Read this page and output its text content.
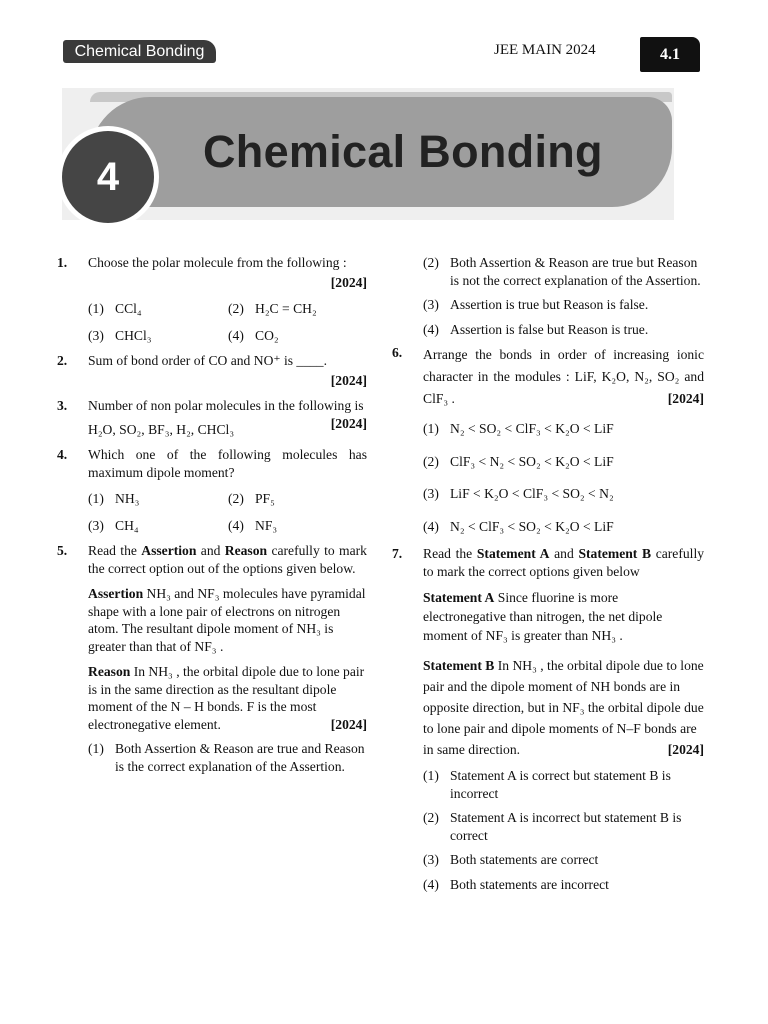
Chemical Bonding	JEE MAIN 2024	4.1
Chemical Bonding
4
1. Choose the polar molecule from the following :
[2024]
(1) CCl₄	(2) H₂C = CH₂
(3) CHCl₃	(4) CO₂
2. Sum of bond order of CO and NO⁺ is ____.
[2024]
3. Number of non polar molecules in the following is
[2024]
H₂O, SO₂, BF₃, H₂, CHCl₃
4. Which one of the following molecules has maximum dipole moment?
(1) NH₃	(2) PF₅
(3) CH₄	(4) NF₃
5. Read the Assertion and Reason carefully to mark the correct option out of the options given below.
Assertion NH₃ and NF₃ molecules have pyramidal shape with a lone pair of electrons on nitrogen atom. The resultant dipole moment of NH₃ is greater than that of NF₃ .
Reason In NH₃ , the orbital dipole due to lone pair is in the same direction as the resultant dipole moment of the N – H bonds. F is the most electronegative element.	[2024]
(1) Both Assertion & Reason are true and Reason is the correct explanation of the Assertion.
(2) Both Assertion & Reason are true but Reason is not the correct explanation of the Assertion.
(3) Assertion is true but Reason is false.
(4) Assertion is false but Reason is true.
6. Arrange the bonds in order of increasing ionic character in the modules : LiF, K₂O, N₂, SO₂ and ClF₃ .	[2024]
(1) N₂ < SO₂ < ClF₃ < K₂O < LiF
(2) ClF₃ < N₂ < SO₂ < K₂O < LiF
(3) LiF < K₂O < ClF₃ < SO₂ < N₂
(4) N₂ < ClF₃ < SO₂ < K₂O < LiF
7. Read the Statement A and Statement B carefully to mark the correct options given below
Statement A Since fluorine is more electronegative than nitrogen, the net dipole moment of NF₃ is greater than NH₃ .
Statement B In NH₃ , the orbital dipole due to lone pair and the dipole moment of NH bonds are in opposite direction, but in NF₃ the orbital dipole due to lone pair and dipole moments of N–F bonds are in same direction.	[2024]
(1) Statement A is correct but statement B is incorrect
(2) Statement A is incorrect but statement B is correct
(3) Both statements are correct
(4) Both statements are incorrect
